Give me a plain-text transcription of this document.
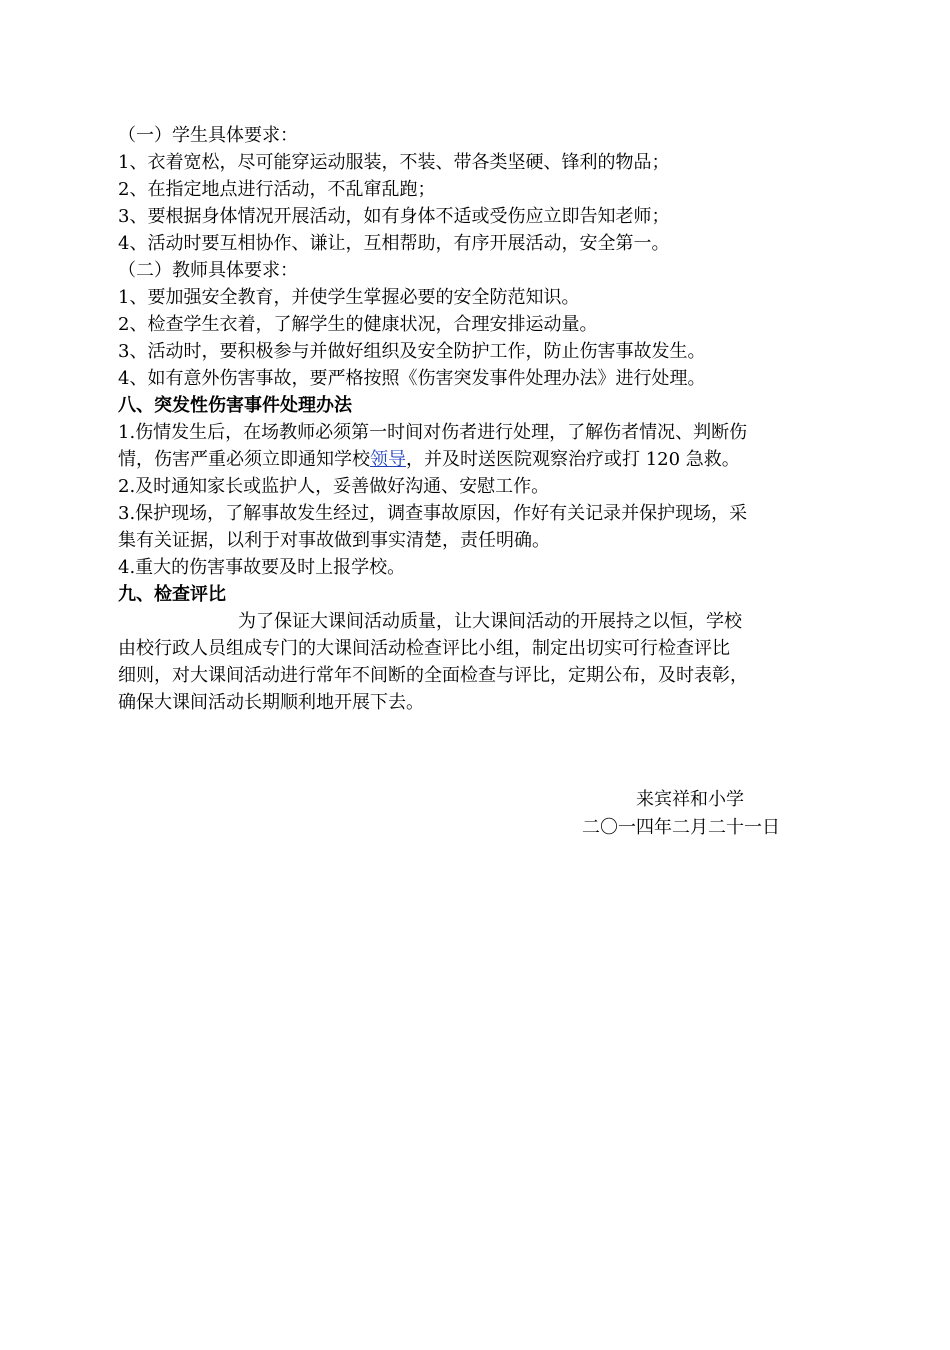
（一）学生具体要求：

1、衣着宽松，尽可能穿运动服装，不装、带各类坚硬、锋利的物品；

2、在指定地点进行活动，不乱窜乱跑；

3、要根据身体情况开展活动，如有身体不适或受伤应立即告知老师；

4、活动时要互相协作、谦让，互相帮助，有序开展活动，安全第一。

（二）教师具体要求：

1、要加强安全教育，并使学生掌握必要的安全防范知识。

2、检查学生衣着，了解学生的健康状况，合理安排运动量。

3、活动时，要积极参与并做好组织及安全防护工作，防止伤害事故发生。

4、如有意外伤害事故，要严格按照《伤害突发事件处理办法》进行处理。

八、突发性伤害事件处理办法

1.伤情发生后，在场教师必须第一时间对伤者进行处理，了解伤者情况、判断伤

情，伤害严重必须立即通知学校领导，并及时送医院观察治疗或打 120 急救。

2.及时通知家长或监护人，妥善做好沟通、安慰工作。

3.保护现场，了解事故发生经过，调查事故原因，作好有关记录并保护现场，采

集有关证据，以利于对事故做到事实清楚，责任明确。

4.重大的伤害事故要及时上报学校。

九、检查评比

为了保证大课间活动质量，让大课间活动的开展持之以恒，学校

由校行政人员组成专门的大课间活动检查评比小组，制定出切实可行检查评比

细则，对大课间活动进行常年不间断的全面检查与评比，定期公布，及时表彰，

确保大课间活动长期顺利地开展下去。

来宾祥和小学
二〇一四年二月二十一日
